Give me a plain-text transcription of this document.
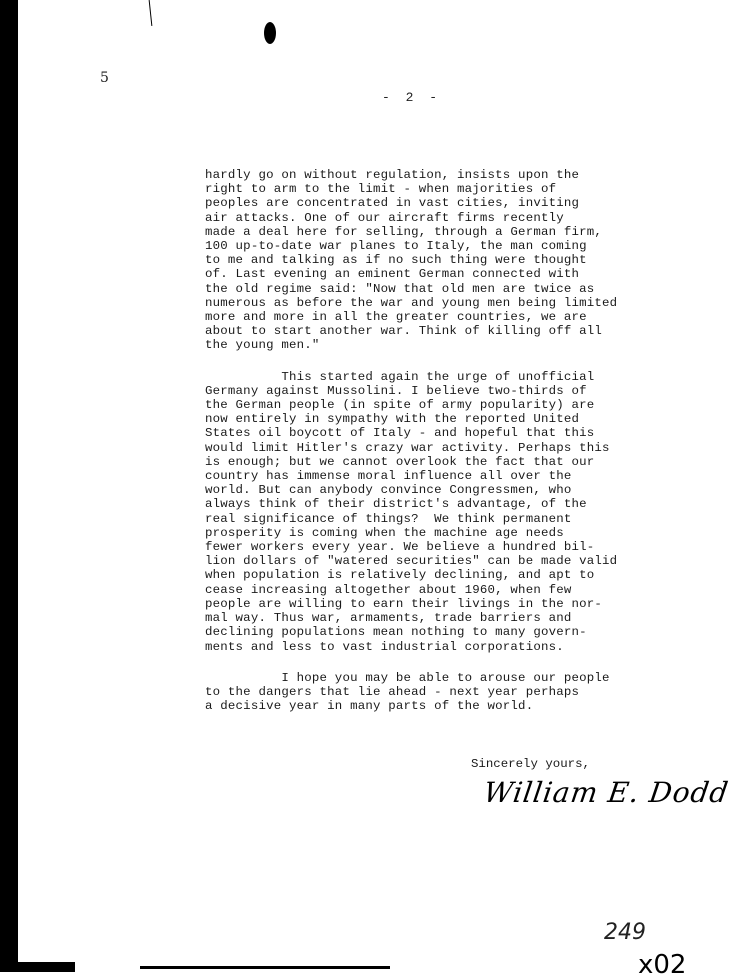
5
- 2 -
hardly go on without regulation, insists upon the
right to arm to the limit - when majorities of
peoples are concentrated in vast cities, inviting
air attacks. One of our aircraft firms recently
made a deal here for selling, through a German firm,
100 up-to-date war planes to Italy, the man coming
to me and talking as if no such thing were thought
of. Last evening an eminent German connected with
the old regime said: "Now that old men are twice as
numerous as before the war and young men being limited
more and more in all the greater countries, we are
about to start another war. Think of killing off all
the young men."
This started again the urge of unofficial
Germany against Mussolini. I believe two-thirds of
the German people (in spite of army popularity) are
now entirely in sympathy with the reported United
States oil boycott of Italy - and hopeful that this
would limit Hitler's crazy war activity. Perhaps this
is enough; but we cannot overlook the fact that our
country has immense moral influence all over the
world. But can anybody convince Congressmen, who
always think of their district's advantage, of the
real significance of things?  We think permanent
prosperity is coming when the machine age needs
fewer workers every year. We believe a hundred bil-
lion dollars of "watered securities" can be made valid
when population is relatively declining, and apt to
cease increasing altogether about 1960, when few
people are willing to earn their livings in the nor-
mal way. Thus war, armaments, trade barriers and
declining populations mean nothing to many govern-
ments and less to vast industrial corporations.
I hope you may be able to arouse our people
to the dangers that lie ahead - next year perhaps
a decisive year in many parts of the world.
Sincerely yours,
William E. Dodd
249
x02
